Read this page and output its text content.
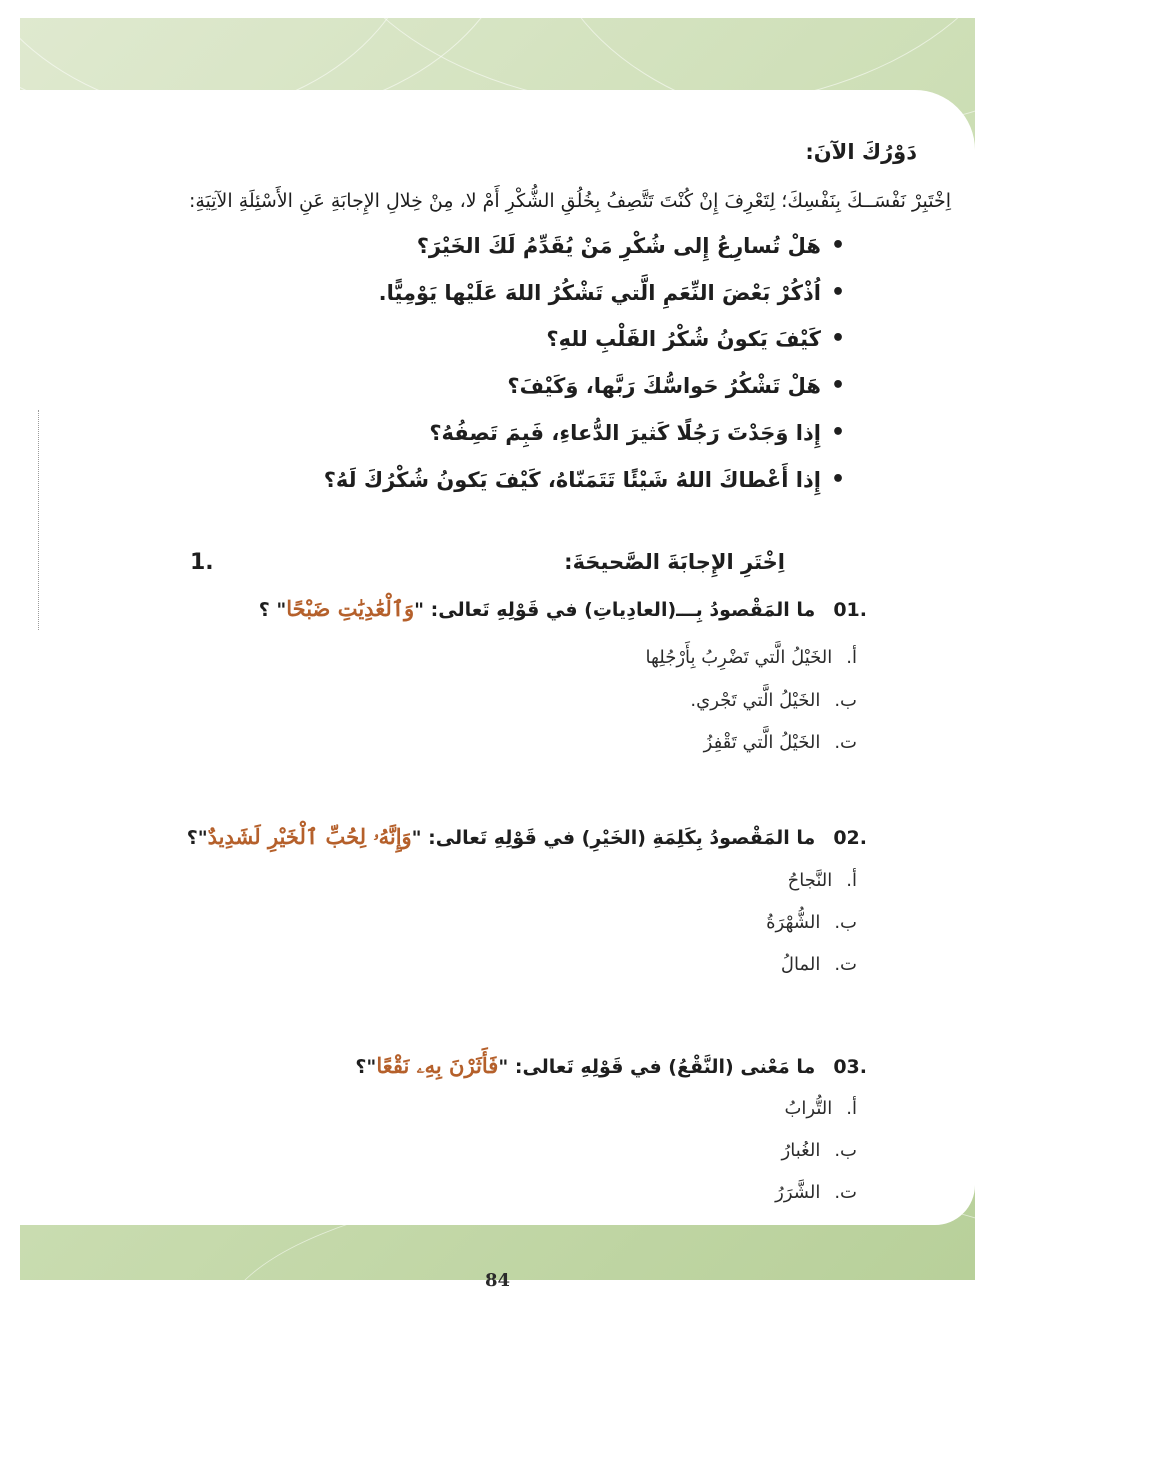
دَوْرُكَ الآنَ:
اِخْتَبِرْ نَفْسَــكَ بِنَفْسِكَ؛ لِتَعْرِفَ إِنْ كُنْتَ تَتَّصِفُ بِخُلُقِ الشُّكْرِ أَمْ لا، مِنْ خِلالِ الإِجابَةِ عَنِ الأَسْئِلَةِ الآتِيَةِ:
•
هَلْ تُسارِعُ إِلى شُكْرِ مَنْ يُقَدِّمُ لَكَ الخَيْرَ؟
•
اُذْكُرْ بَعْضَ النِّعَمِ الَّتي تَشْكُرُ اللهَ عَلَيْها يَوْمِيًّا.
•
كَيْفَ يَكونُ شُكْرُ القَلْبِ للهِ؟
•
هَلْ تَشْكُرُ حَواسُّكَ رَبَّها، وَكَيْفَ؟
•
إِذا وَجَدْتَ رَجُلًا كَثيرَ الدُّعاءِ، فَبِمَ تَصِفُهُ؟
•
إِذا أَعْطاكَ اللهُ شَيْئًا تَتَمَنّاهُ، كَيْفَ يَكونُ شُكْرُكَ لَهُ؟
1.	اِخْتَرِ الإِجابَةَ الصَّحيحَةَ:
01.
ما المَقْصودُ بِـــ(العادِياتِ) في قَوْلِهِ تَعالى: "وَٱلْعَٰدِيَٰتِ ضَبْحًا" ؟
أ.
الخَيْلُ الَّتي تَضْرِبُ بِأَرْجُلِها
ب.
الخَيْلُ الَّتي تَجْري.
ت.
الخَيْلُ الَّتي تَقْفِزُ
02.
ما المَقْصودُ بِكَلِمَةِ (الخَيْرِ) في قَوْلِهِ تَعالى: "وَإِنَّهُۥ لِحُبِّ ٱلْخَيْرِ لَشَدِيدٌ"؟
أ.
النَّجاحُ
ب.
الشُّهْرَةُ
ت.
المالُ
03.
ما مَعْنى (النَّقْعُ) في قَوْلِهِ تَعالى: "فَأَثَرْنَ بِهِۦ نَقْعًا"؟
أ.
التُّرابُ
ب.
الغُبارُ
ت.
الشَّرَرُ
84
